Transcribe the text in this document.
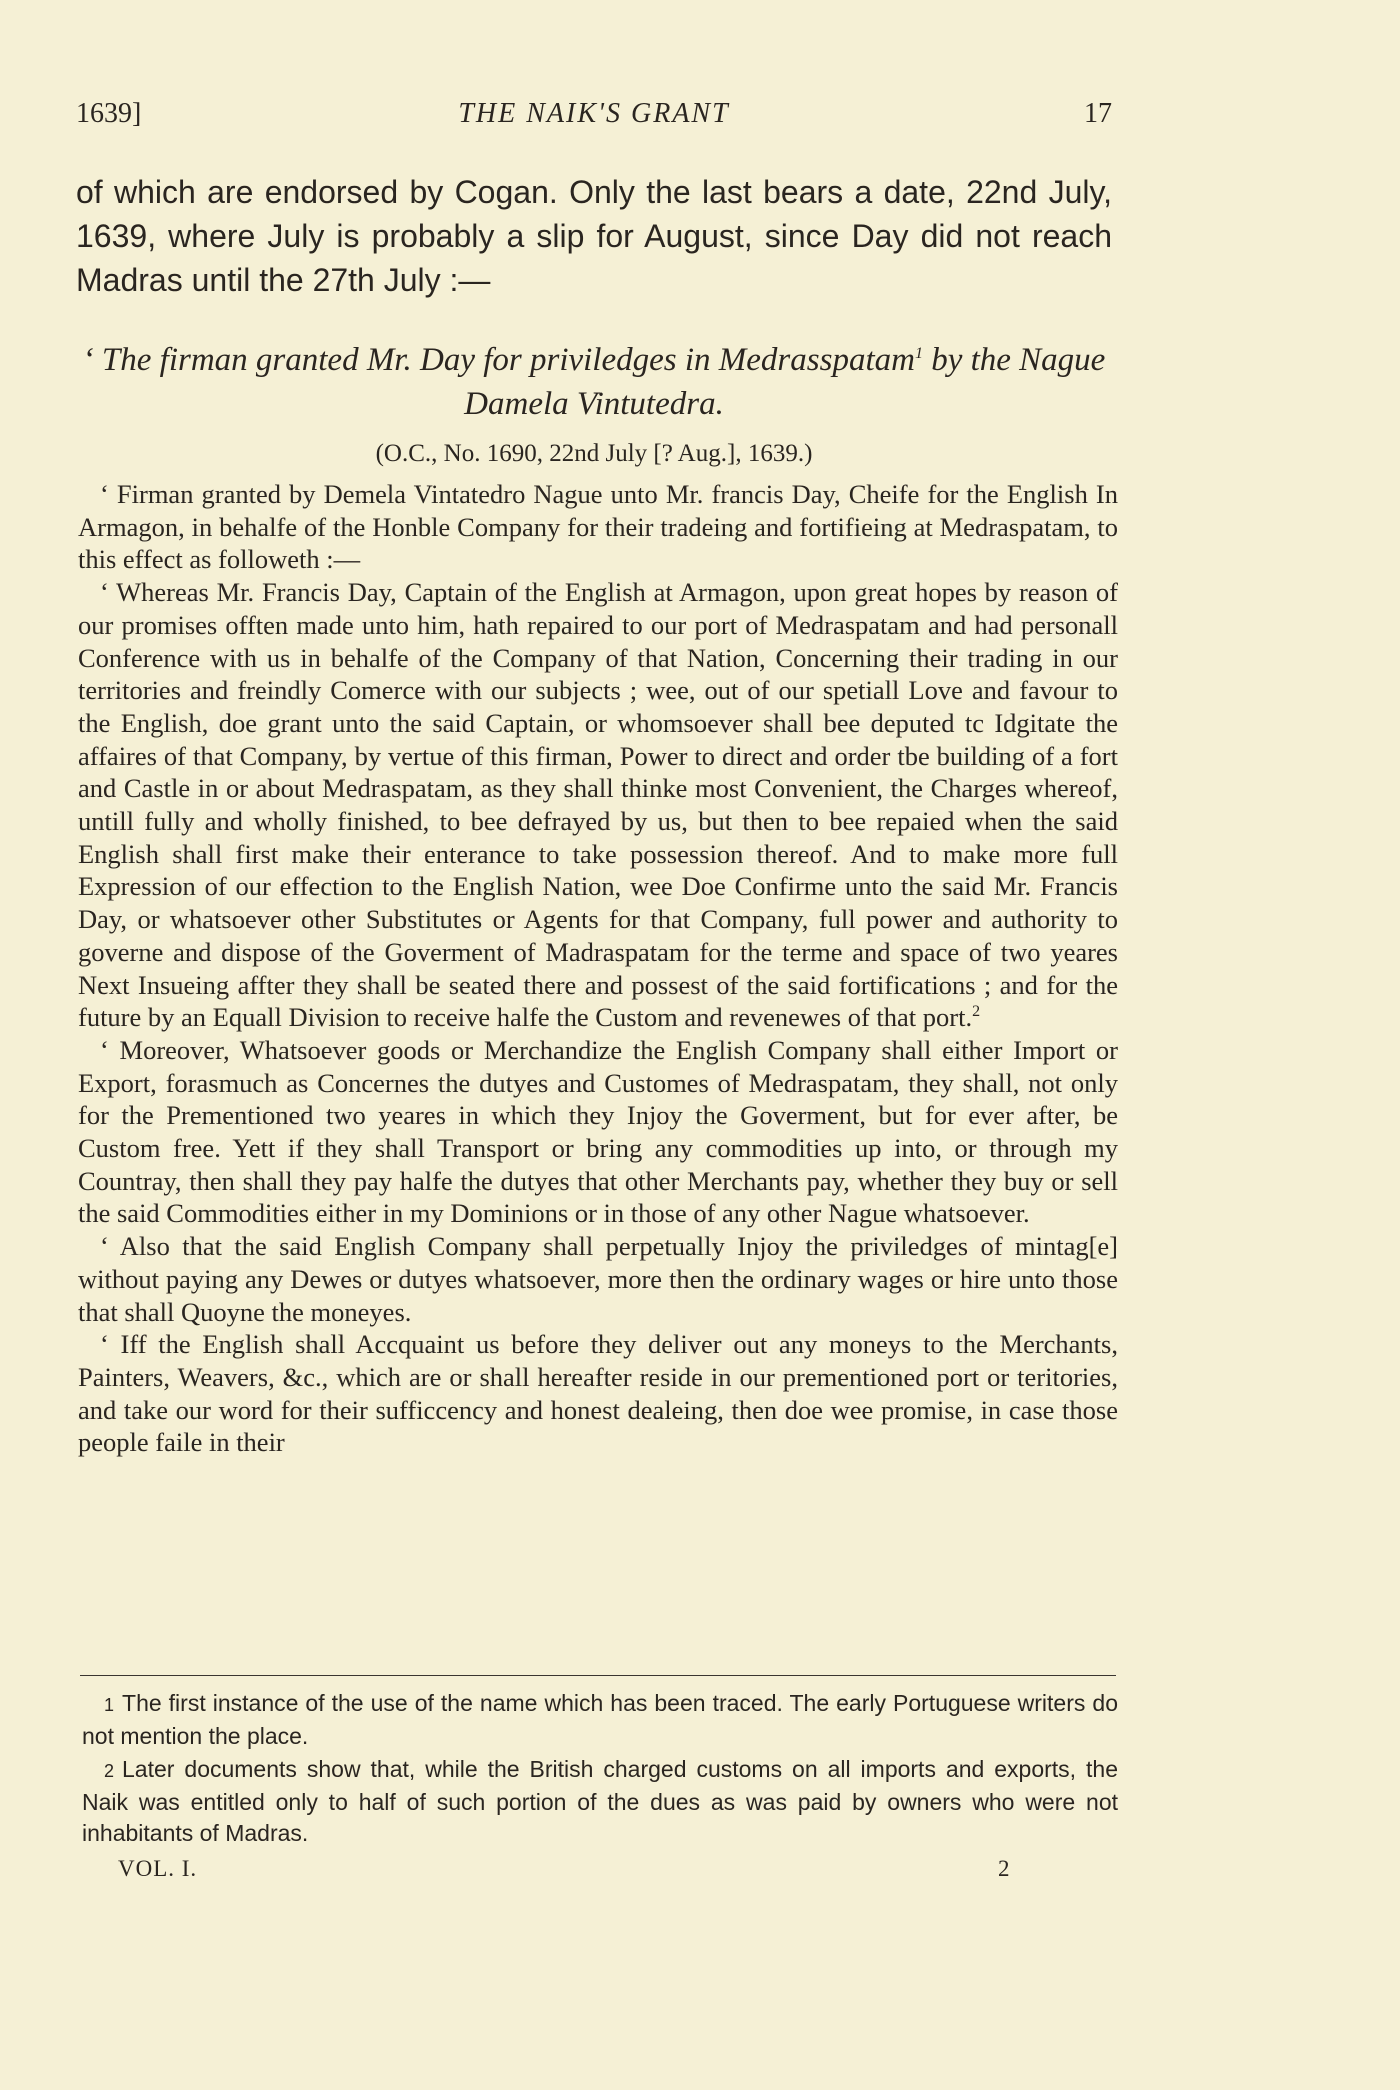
1639]	THE NAIK'S GRANT	17
of which are endorsed by Cogan. Only the last bears a date, 22nd July, 1639, where July is probably a slip for August, since Day did not reach Madras until the 27th July :—
‘ The firman granted Mr. Day for priviledges in Medrasspatam$^1$ by the Nague Damela Vintutedra.
(O.C., No. 1690, 22nd July [? Aug.], 1639.)

‘ Firman granted by Demela Vintatedro Nague unto Mr. francis Day, Cheife for the English In Armagon, in behalfe of the Honble Company for their tradeing and fortifieing at Medraspatam, to this effect as followeth :—

‘ Whereas Mr. Francis Day, Captain of the English at Armagon, upon great hopes by reason of our promises offten made unto him, hath repaired to our port of Medraspatam and had personall Conference with us in behalfe of the Company of that Nation, Concerning their trading in our territories and freindly Comerce with our subjects ; wee, out of our spetiall Love and favour to the English, doe grant unto the said Captain, or whomsoever shall bee deputed tc Idgitate the affaires of that Company, by vertue of this firman, Power to direct and order tbe building of a fort and Castle in or about Medraspatam, as they shall thinke most Convenient, the Charges whereof, untill fully and wholly finished, to bee defrayed by us, but then to bee repaied when the said English shall first make their enterance to take possession thereof. And to make more full Expression of our effection to the English Nation, wee Doe Confirme unto the said Mr. Francis Day, or whatsoever other Substitutes or Agents for that Company, full power and authority to governe and dispose of the Goverment of Madraspatam for the terme and space of two yeares Next Insueing affter they shall be seated there and possest of the said fortifications ; and for the future by an Equall Division to receive halfe the Custom and revenewes of that port.$^2$

‘ Moreover, Whatsoever goods or Merchandize the English Company shall either Import or Export, forasmuch as Concernes the dutyes and Customes of Medraspatam, they shall, not only for the Prementioned two yeares in which they Injoy the Goverment, but for ever after, be Custom free. Yett if they shall Transport or bring any commodities up into, or through my Countray, then shall they pay halfe the dutyes that other Merchants pay, whether they buy or sell the said Commodities either in my Dominions or in those of any other Nague whatsoever.

‘ Also that the said English Company shall perpetually Injoy the priviledges of mintag[e] without paying any Dewes or dutyes whatsoever, more then the ordinary wages or hire unto those that shall Quoyne the moneyes.

‘ Iff the English shall Accquaint us before they deliver out any moneys to the Merchants, Painters, Weavers, &c., which are or shall hereafter reside in our prementioned port or teritories, and take our word for their sufficcency and honest dealeing, then doe wee promise, in case those people faile in their

1 The first instance of the use of the name which has been traced. The early Portuguese writers do not mention the place.

2 Later documents show that, while the British charged customs on all imports and exports, the Naik was entitled only to half of such portion of the dues as was paid by owners who were not inhabitants of Madras.

VOL. I.	2
